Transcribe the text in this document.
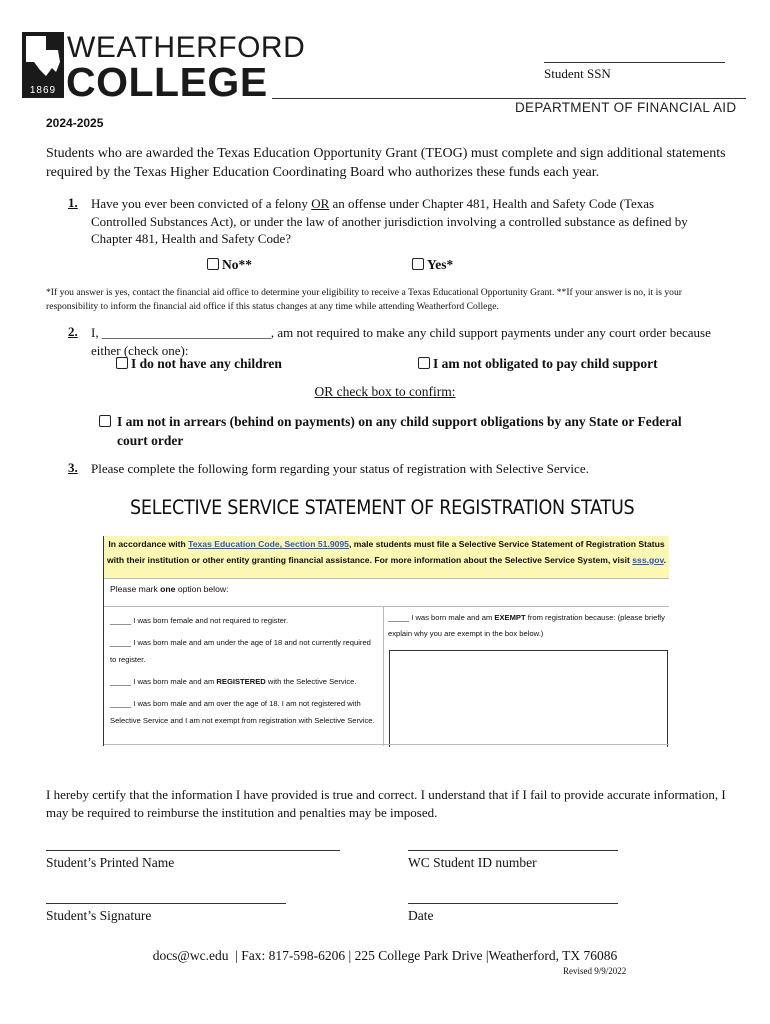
1869
WEATHERFORD
COLLEGE	Student SSN
DEPARTMENT OF FINANCIAL AID
2024-2025
Students who are awarded the Texas Education Opportunity Grant (TEOG) must complete and sign additional statements required by the Texas Higher Education Coordinating Board who authorizes these funds each year.
1. Have you ever been convicted of a felony OR an offense under Chapter 481, Health and Safety Code (Texas Controlled Substances Act), or under the law of another jurisdiction involving a controlled substance as defined by Chapter 481, Health and Safety Code?
No**	Yes*
*If you answer is yes, contact the financial aid office to determine your eligibility to receive a Texas Educational Opportunity Grant. **If your answer is no, it is your responsibility to inform the financial aid office if this status changes at any time while attending Weatherford College.
2. I, __________________________, am not required to make any child support payments under any court order because either (check one):
I do not have any children	I am not obligated to pay child support
OR check box to confirm:
I am not in arrears (behind on payments) on any child support obligations by any State or Federal court order
3. Please complete the following form regarding your status of registration with Selective Service.
SELECTIVE SERVICE STATEMENT OF REGISTRATION STATUS
In accordance with Texas Education Code, Section 51.9095, male students must file a Selective Service Statement of Registration Status with their institution or other entity granting financial assistance. For more information about the Selective Service System, visit sss.gov.
Please mark one option below:

_____ I was born female and not required to register.

_____ I was born male and am under the age of 18 and not currently required to register.

_____ I was born male and am REGISTERED with the Selective Service.

_____ I was born male and am over the age of 18. I am not registered with Selective Service and I am not exempt from registration with Selective Service.

_____ I was born male and am EXEMPT from registration because: (please briefly explain why you are exempt in the box below.)
I hereby certify that the information I have provided is true and correct. I understand that if I fail to provide accurate information, I may be required to reimburse the institution and penalties may be imposed.
Student’s Printed Name	WC Student ID number
Student’s Signature	Date
docs@wc.edu  | Fax: 817-598-6206 | 225 College Park Drive |Weatherford, TX 76086
Revised 9/9/2022
